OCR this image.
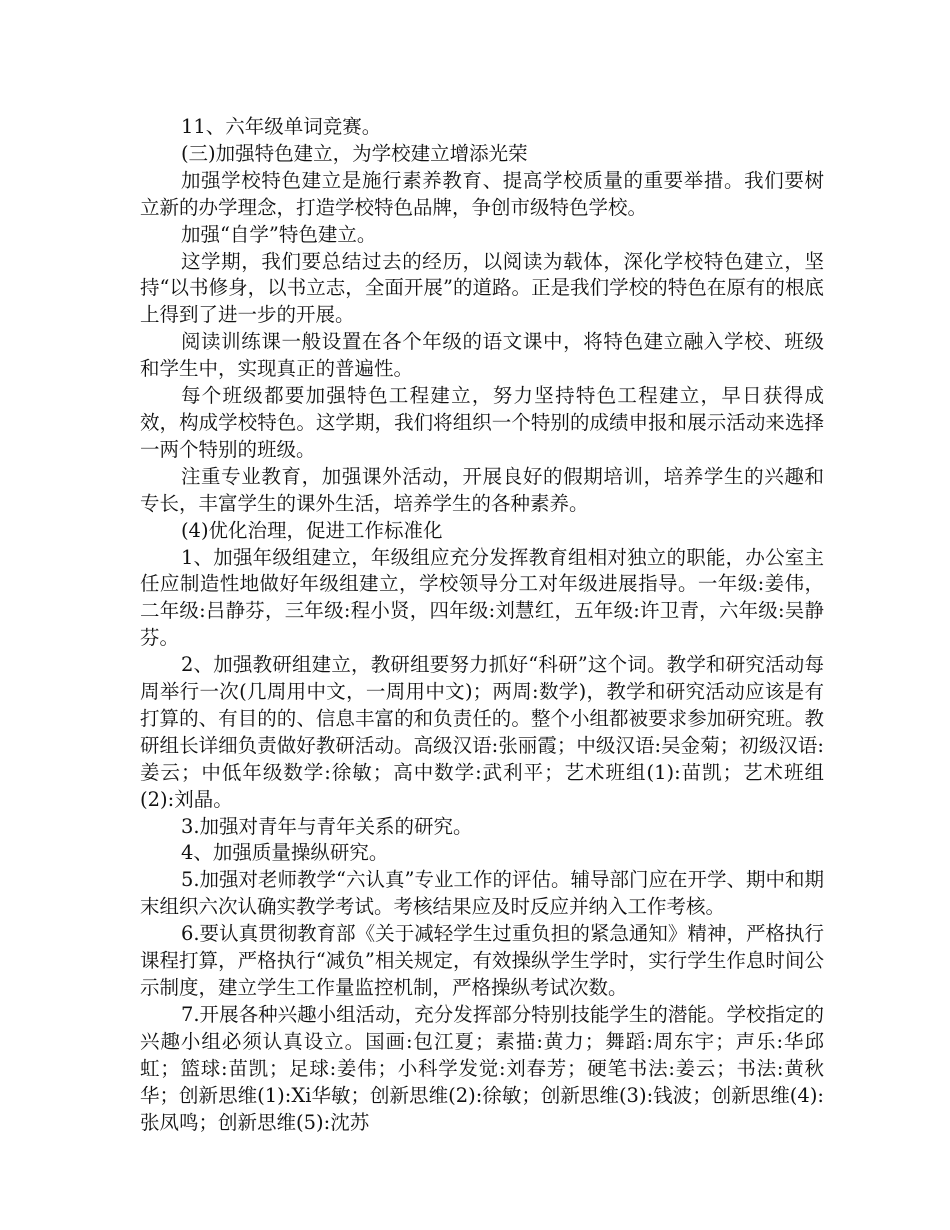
11、六年级单词竞赛。

(三)加强特色建立，为学校建立增添光荣

加强学校特色建立是施行素养教育、提高学校质量的重要举措。我们要树立新的办学理念，打造学校特色品牌，争创市级特色学校。

加强“自学”特色建立。

这学期，我们要总结过去的经历，以阅读为载体，深化学校特色建立，坚持“以书修身，以书立志，全面开展”的道路。正是我们学校的特色在原有的根底上得到了进一步的开展。

阅读训练课一般设置在各个年级的语文课中，将特色建立融入学校、班级和学生中，实现真正的普遍性。

每个班级都要加强特色工程建立，努力坚持特色工程建立，早日获得成效，构成学校特色。这学期，我们将组织一个特别的成绩申报和展示活动来选择一两个特别的班级。

注重专业教育，加强课外活动，开展良好的假期培训，培养学生的兴趣和专长，丰富学生的课外生活，培养学生的各种素养。

(4)优化治理，促进工作标准化

1、加强年级组建立，年级组应充分发挥教育组相对独立的职能，办公室主任应制造性地做好年级组建立，学校领导分工对年级进展指导。一年级:姜伟，二年级:吕静芬，三年级:程小贤，四年级:刘慧红，五年级:许卫青，六年级:吴静芬。

2、加强教研组建立，教研组要努力抓好“科研”这个词。教学和研究活动每周举行一次(几周用中文，一周用中文)；两周:数学)，教学和研究活动应该是有打算的、有目的的、信息丰富的和负责任的。整个小组都被要求参加研究班。教研组长详细负责做好教研活动。高级汉语:张丽霞；中级汉语:吴金菊；初级汉语:姜云；中低年级数学:徐敏；高中数学:武利平；艺术班组(1):苗凯；艺术班组(2):刘晶。

3.加强对青年与青年关系的研究。

4、加强质量操纵研究。

5.加强对老师教学“六认真”专业工作的评估。辅导部门应在开学、期中和期末组织六次认确实教学考试。考核结果应及时反应并纳入工作考核。

6.要认真贯彻教育部《关于减轻学生过重负担的紧急通知》精神，严格执行课程打算，严格执行“减负”相关规定，有效操纵学生学时，实行学生作息时间公示制度，建立学生工作量监控机制，严格操纵考试次数。

7.开展各种兴趣小组活动，充分发挥部分特别技能学生的潜能。学校指定的兴趣小组必须认真设立。国画:包江夏；素描:黄力；舞蹈:周东宇；声乐:华邱虹；篮球:苗凯；足球:姜伟；小科学发觉:刘春芳；硬笔书法:姜云；书法:黄秋华；创新思维(1):Xi华敏；创新思维(2):徐敏；创新思维(3):钱波；创新思维(4):张凤鸣；创新思维(5):沈苏
